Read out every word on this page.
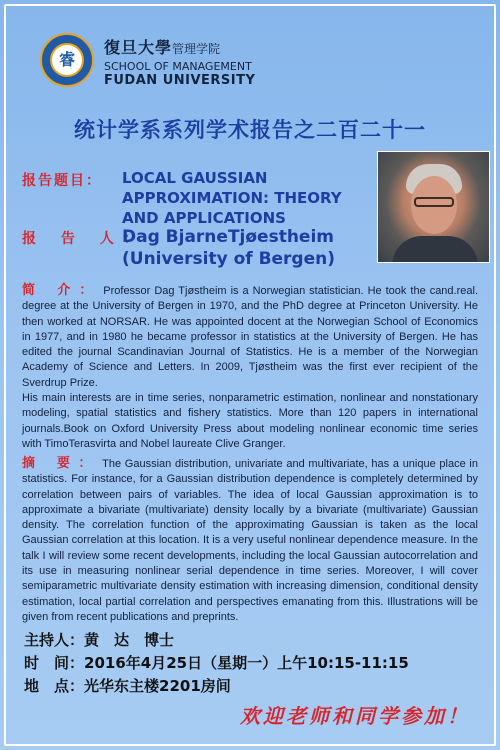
睿
復旦大學管理学院
SCHOOL OF MANAGEMENT
FUDAN UNIVERSITY
统计学系系列学术报告之二百二十一
报告题目： LOCAL GAUSSIAN APPROXIMATION: THEORY AND APPLICATIONS
报 告 人：
Dag BjarneTjøestheim
(University of Bergen)
简 介： Professor Dag Tjøstheim is a Norwegian statistician. He took the cand.real. degree at the University of Bergen in 1970, and the PhD degree at Princeton University. He then worked at NORSAR. He was appointed docent at the Norwegian School of Economics in 1977, and in 1980 he became professor in statistics at the University of Bergen. He has edited the journal Scandinavian Journal of Statistics. He is a member of the Norwegian Academy of Science and Letters. In 2009, Tjøstheim was the first ever recipient of the Sverdrup Prize.
His main interests are in time series, nonparametric estimation, nonlinear and nonstationary modeling, spatial statistics and fishery statistics. More than 120 papers in international journals.Book on Oxford University Press about modeling nonlinear economic time series with TimoTerasvirta and Nobel laureate Clive Granger.
摘 要： The Gaussian distribution, univariate and multivariate, has a unique place in statistics. For instance, for a Gaussian distribution dependence is completely determined by correlation between pairs of variables. The idea of local Gaussian approximation is to approximate a bivariate (multivariate) density locally by a bivariate (multivariate) Gaussian density. The correlation function of the approximating Gaussian is taken as the local Gaussian correlation at this location. It is a very useful nonlinear dependence measure. In the talk I will review some recent developments, including the local Gaussian autocorrelation and its use in measuring nonlinear serial dependence in time series. Moreover, I will cover semiparametric multivariate density estimation with increasing dimension, conditional density estimation, local partial correlation and perspectives emanating from this. Illustrations will be given from recent publications and preprints.
主持人：黄　达　博士
时　间：2016年4月25日（星期一）上午10:15-11:15
地　点：光华东主楼2201房间
欢迎老师和同学参加！
